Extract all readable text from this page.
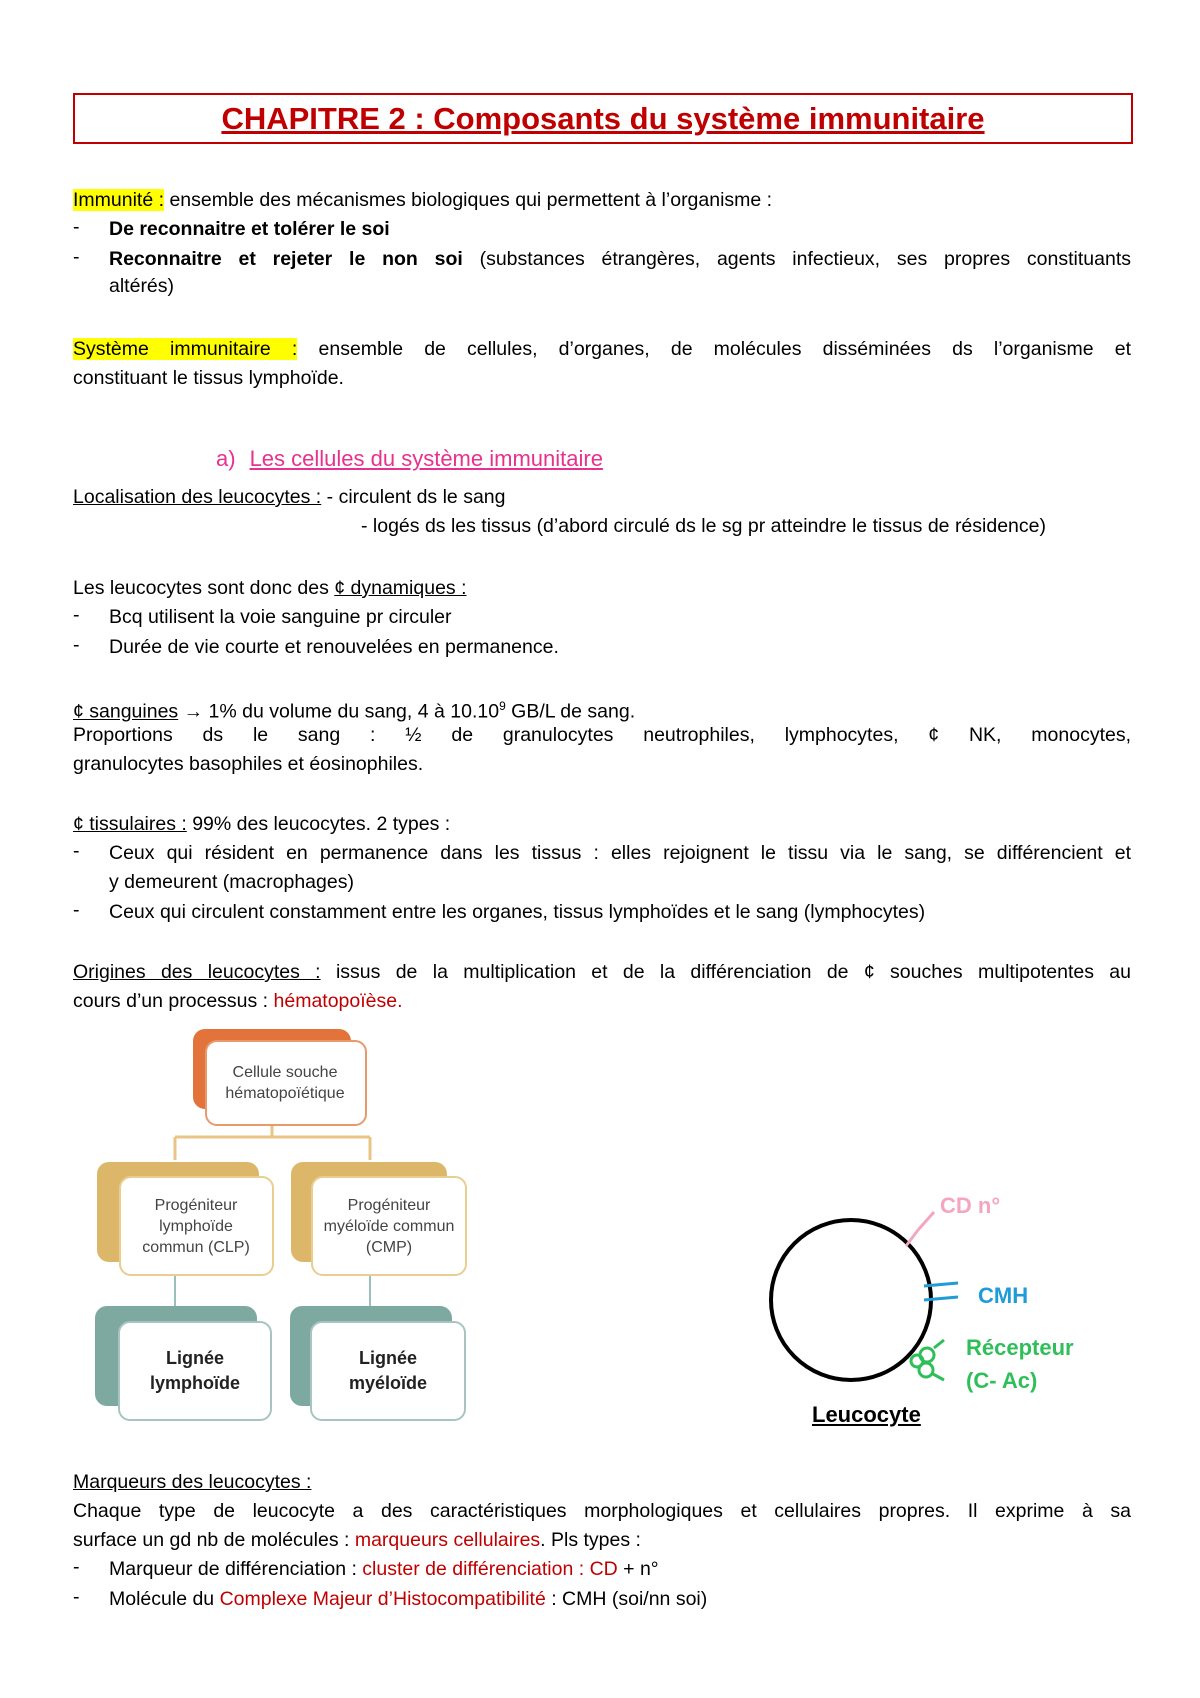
CHAPITRE 2 : Composants du système immunitaire
Immunité : ensemble des mécanismes biologiques qui permettent à l’organisme :
-	De reconnaitre et tolérer le soi
-	Reconnaitre et rejeter le non soi (substances étrangères, agents infectieux, ses propres constituants
altérés)
Système immunitaire : ensemble de cellules, d’organes, de molécules disséminées ds l’organisme et
constituant le tissus lymphoïde.
a) Les cellules du système immunitaire
Localisation des leucocytes : - circulent ds le sang
- logés ds les tissus (d’abord circulé ds le sg pr atteindre le tissus de résidence)
Les leucocytes sont donc des ¢ dynamiques :
-	Bcq utilisent la voie sanguine pr circuler
-	Durée de vie courte et renouvelées en permanence.
¢ sanguines → 1% du volume du sang, 4 à 10.10$^9$ GB/L de sang.
Proportions ds le sang : ½ de granulocytes neutrophiles, lymphocytes, ¢ NK, monocytes,
granulocytes basophiles et éosinophiles.
¢ tissulaires : 99% des leucocytes. 2 types :
-	Ceux qui résident en permanence dans les tissus : elles rejoignent le tissu via le sang, se différencient et
y demeurent (macrophages)
-	Ceux qui circulent constamment entre les organes, tissus lymphoïdes et le sang (lymphocytes)
Origines des leucocytes : issus de la multiplication et de la différenciation de ¢ souches multipotentes au
cours d’un processus : hématopoïèse.
Cellule souche hématopoïétique
Progéniteur lymphoïde commun (CLP)
Progéniteur myéloïde commun (CMP)
Lignée lymphoïde
Lignée myéloïde
CD n°
CMH
Récepteur
(C- Ac)
Leucocyte
Marqueurs des leucocytes :
Chaque type de leucocyte a des caractéristiques morphologiques et cellulaires propres. Il exprime à sa
surface un gd nb de molécules : marqueurs cellulaires. Pls types :
-	Marqueur de différenciation : cluster de différenciation : CD + n°
-	Molécule du Complexe Majeur d’Histocompatibilité : CMH (soi/nn soi)
